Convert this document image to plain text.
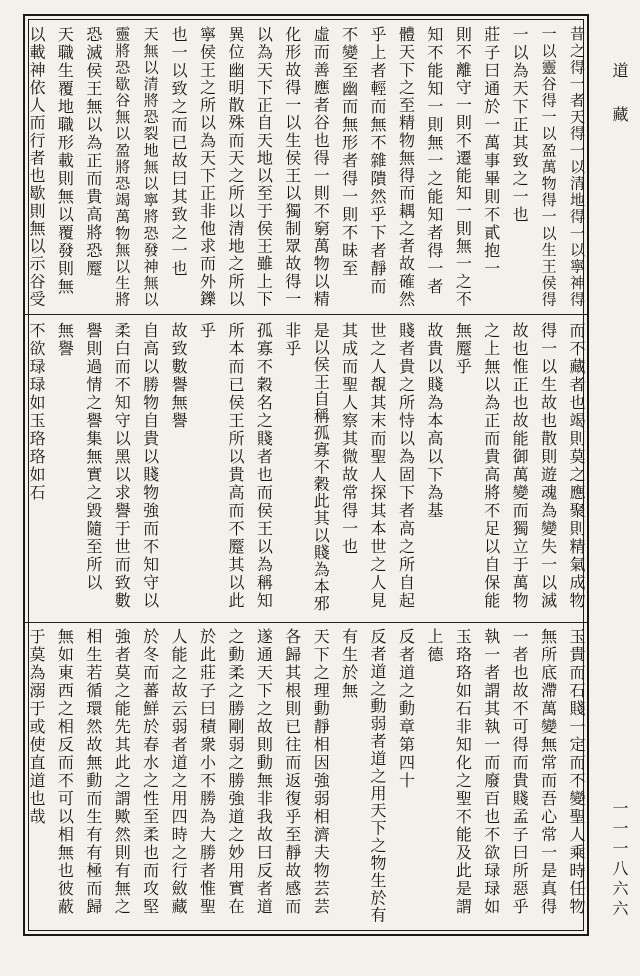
昔之得一者天得一以清地得一以寧神得
一以靈谷得一以盈萬物得一以生王侯得
一以為天下正其致之一也
莊子曰通於一萬事畢則不貳抱一
則不離守一則不遷能知一則無一之不
知不能知一則無一之能知者得一者
體天下之至精物無得而耦之者故確然
乎上者輕而無不雜隤然乎下者靜而
不變至幽而無形者得一則不昧至
虛而善應者谷也得一則不窮萬物以精
化形故得一以生侯王以獨制眾故得一
以為天下正自天地以至于侯王雖上下
異位幽明散殊而天之所以清地之所以
寧侯王之所以為天下正非他求而外鑠
也一以致之而已故曰其致之一也
天無以清將恐裂地無以寧將恐發神無以
靈將恐歇谷無以盈將恐竭萬物無以生將
恐滅侯王無以為正而貴高將恐蹷
天職生覆地職形載則無以覆發則無
以載神依人而行者也歇則無以示谷受
而不藏者也竭則莫之應聚則精氣成物
得一以生故也散則遊魂為變失一以滅
故也惟正也故能御萬變而獨立于萬物
之上無以為正而貴高將不足以自保能
無蹷乎
故貴以賤為本高以下為基
賤者貴之所恃以為固下者高之所自起
世之人覩其末而聖人探其本世之人見
其成而聖人察其微故常得一也
是以侯王自稱孤寡不穀此其以賤為本邪
非乎
孤寡不穀名之賤者也而侯王以為稱知
所本而已侯王所以貴高而不蹷其以此
乎
故致數譽無譽
自高以勝物自貴以賤物強而不知守以
柔白而不知守以黑以求譽于世而致數
譽則過情之譽集無實之毀隨至所以
無譽
不欲琭琭如玉珞珞如石
玉貴而石賤一定而不變聖人乘時任物
無所底滯萬變無常而吾心常一是真得
一者也故不可得而貴賤孟子曰所惡乎
執一者謂其執一而廢百也不欲琭琭如
玉珞珞如石非知化之聖不能及此是謂
上德
反者道之動章第四十
反者道之動弱者道之用天下之物生於有
有生於無
天下之理動靜相因強弱相濟夫物芸芸
各歸其根則已往而返復乎至靜故感而
遂通天下之故則動無非我故曰反者道
之動柔之勝剛弱之勝強道之妙用實在
於此莊子曰積衆小不勝為大勝者惟聖
人能之故云弱者道之用四時之行斂藏
於冬而蕃鮮於春水之性至柔也而攻堅
強者莫之能先其此之謂歟然則有無之
相生若循環然故無動而生有有極而歸
無如東西之相反而不可以相無也彼蔽
于莫為溺于或使直道也哉
道藏
一一一八六六
